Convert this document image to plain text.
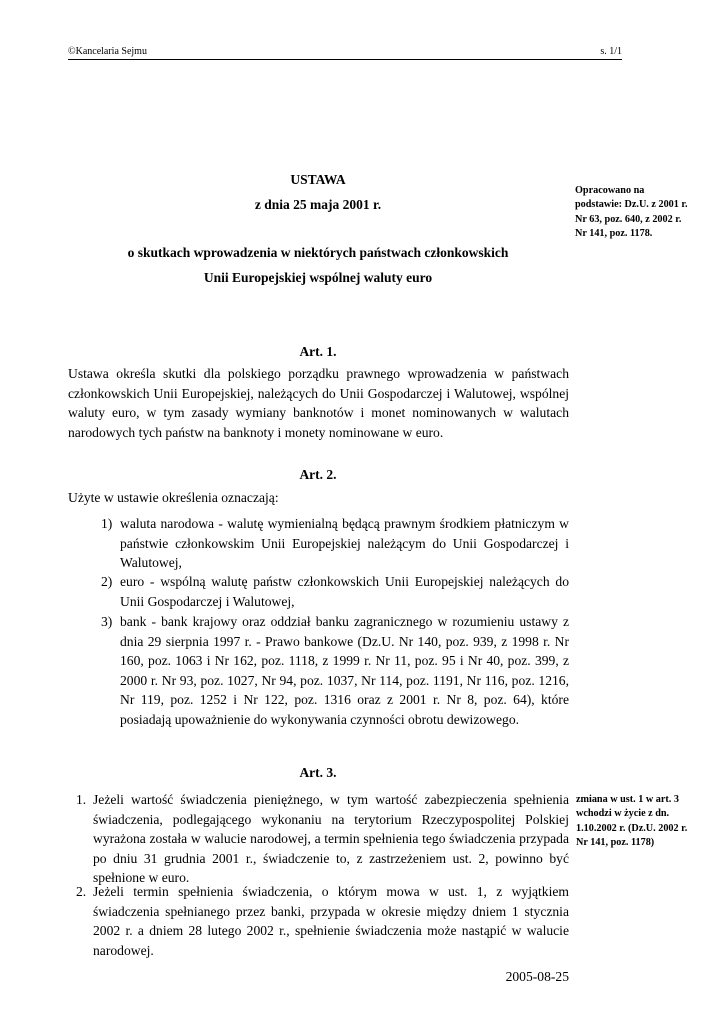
©Kancelaria Sejmu	s. 1/1
USTAWA
z dnia 25 maja 2001 r.
o skutkach wprowadzenia w niektórych państwach członkowskich
Unii Europejskiej wspólnej waluty euro
Opracowano na podstawie: Dz.U. z 2001 r. Nr 63, poz. 640, z 2002 r. Nr 141, poz. 1178.
Art. 1.
Ustawa określa skutki dla polskiego porządku prawnego wprowadzenia w państwach członkowskich Unii Europejskiej, należących do Unii Gospodarczej i Walutowej, wspólnej waluty euro, w tym zasady wymiany banknotów i monet nominowanych w walutach narodowych tych państw na banknoty i monety nominowane w euro.
Art. 2.
Użyte w ustawie określenia oznaczają:
1) waluta narodowa - walutę wymienialną będącą prawnym środkiem płatniczym w państwie członkowskim Unii Europejskiej należącym do Unii Gospodarczej i Walutowej,
2) euro - wspólną walutę państw członkowskich Unii Europejskiej należących do Unii Gospodarczej i Walutowej,
3) bank - bank krajowy oraz oddział banku zagranicznego w rozumieniu ustawy z dnia 29 sierpnia 1997 r. - Prawo bankowe (Dz.U. Nr 140, poz. 939, z 1998 r. Nr 160, poz. 1063 i Nr 162, poz. 1118, z 1999 r. Nr 11, poz. 95 i Nr 40, poz. 399, z 2000 r. Nr 93, poz. 1027, Nr 94, poz. 1037, Nr 114, poz. 1191, Nr 116, poz. 1216, Nr 119, poz. 1252 i Nr 122, poz. 1316 oraz z 2001 r. Nr 8, poz. 64), które posiadają upoważnienie do wykonywania czynności obrotu dewizowego.
Art. 3.
1. Jeżeli wartość świadczenia pieniężnego, w tym wartość zabezpieczenia spełnienia świadczenia, podlegającego wykonaniu na terytorium Rzeczypospolitej Polskiej wyrażona została w walucie narodowej, a termin spełnienia tego świadczenia przypada po dniu 31 grudnia 2001 r., świadczenie to, z zastrzeżeniem ust. 2, powinno być spełnione w euro.
2. Jeżeli termin spełnienia świadczenia, o którym mowa w ust. 1, z wyjątkiem świadczenia spełnianego przez banki, przypada w okresie między dniem 1 stycznia 2002 r. a dniem 28 lutego 2002 r., spełnienie świadczenia może nastąpić w walucie narodowej.
zmiana w ust. 1 w art. 3 wchodzi w życie z dn. 1.10.2002 r. (Dz.U. 2002 r. Nr 141, poz. 1178)
2005-08-25
